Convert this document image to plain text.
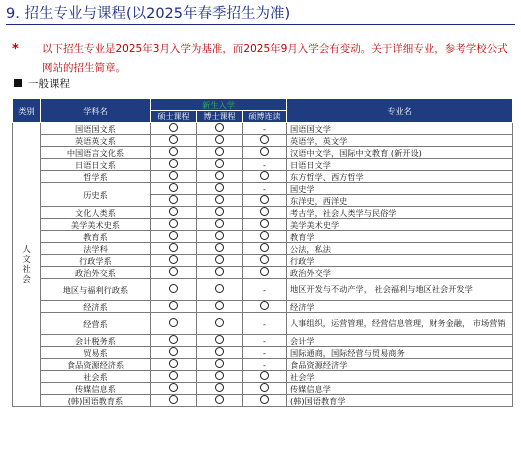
9. 招生专业与课程(以2025年春季招生为准)
* 以下招生专业是2025年3月入学为基准，而2025年9月入学会有变动。关于详细专业，参考学校公式网站的招生简章。
一般课程
类别	学科名	新生入学			专业名
		硕士课程	博士课程	硕博连读	
人
文
社
会	国语国文系			-	国语国文学
	英语英文系				英语学，英文学
	中国语言文化系				汉语中文学，国际中文教育 (新开设)
	日语日文系			-	日语日文学
	哲学系				东方哲学、西方哲学
	历史系			-	国史学
					东洋史，西洋史
	文化人类系				考古学，社会人类学与民俗学
	美学美术史系				美学美术史学
	教育系				教育学
	法学科				公法，私法
	行政学系				行政学
	政治外交系				政治外交学
	地区与福利行政系			-	地区开发与不动产学， 社会福利与地区社会开发学
	经济系				经济学
	经营系			-	人事组织，运营管理，经营信息管理，财务金融， 市场营销
	会计税务系			-	会计学
	贸易系			-	国际通商，国际经营与贸易商务
	食品资源经济系			-	食品资源经济学
	社会系				社会学
	传媒信息系				传媒信息学
	(韩)国语教育系				(韩)国语教育学
